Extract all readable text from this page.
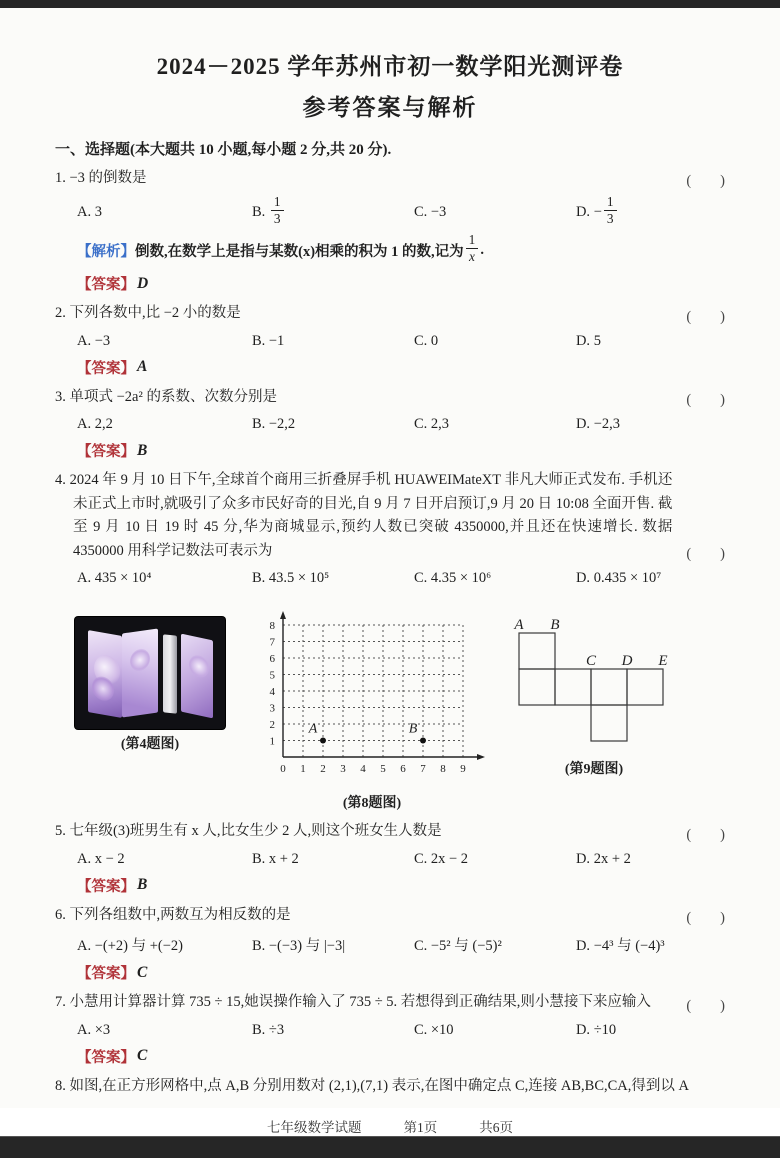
2024－2025 学年苏州市初一数学阳光测评卷
参考答案与解析
一、选择题(本大题共 10 小题,每小题 2 分,共 20 分).
1. −3 的倒数是	(　　)
A. 3	B. $\frac{1}{3}$	C. −3	D. − $\frac{1}{3}$
【解析】 倒数,在数学上是指与某数(x)相乘的积为 1 的数,记为 $\frac{1}{x}$ .
【答案】 D
2. 下列各数中,比 −2 小的数是	(　　)
A. −3	B. −1	C. 0	D. 5
【答案】 A
3. 单项式 −2a² 的系数、次数分别是	(　　)
A. 2,2	B. −2,2	C. 2,3	D. −2,3
【答案】 B
4. 2024 年 9 月 10 日下午,全球首个商用三折叠屏手机 HUAWEIMateXT 非凡大师正式发布. 手机还未正式上市时,就吸引了众多市民好奇的目光,自 9 月 7 日开启预订,9 月 20 日 10:08 全面开售. 截至 9 月 10 日 19 时 45 分,华为商城显示,预约人数已突破 4350000,并且还在快速增长. 数据 4350000 用科学记数法可表示为	(　　)
A. 435 × 10⁴	B. 43.5 × 10⁵	C. 4.35 × 10⁶	D. 0.435 × 10⁷
(第4题图)
0 1 2 3 4 5 6 7 8 9
1
2
3
4
5
6
7
8
A	B
(第8题图)
A B
C D E
(第9题图)
5. 七年级(3)班男生有 x 人,比女生少 2 人,则这个班女生人数是	(　　)
A. x − 2	B. x + 2	C. 2x − 2	D. 2x + 2
【答案】 B
6. 下列各组数中,两数互为相反数的是	(　　)
A. −(+2) 与 +(−2)	B. −(−3) 与 |−3|	C. −5² 与 (−5)²	D. −4³ 与 (−4)³
【答案】 C
7. 小慧用计算器计算 735 ÷ 15,她误操作输入了 735 ÷ 5. 若想得到正确结果,则小慧接下来应输入	(　　)
A. ×3	B. ÷3	C. ×10	D. ÷10
【答案】 C
8. 如图,在正方形网格中,点 A,B 分别用数对 (2,1),(7,1) 表示,在图中确定点 C,连接 AB,BC,CA,得到以 A
七年级数学试题	第1页	共6页
